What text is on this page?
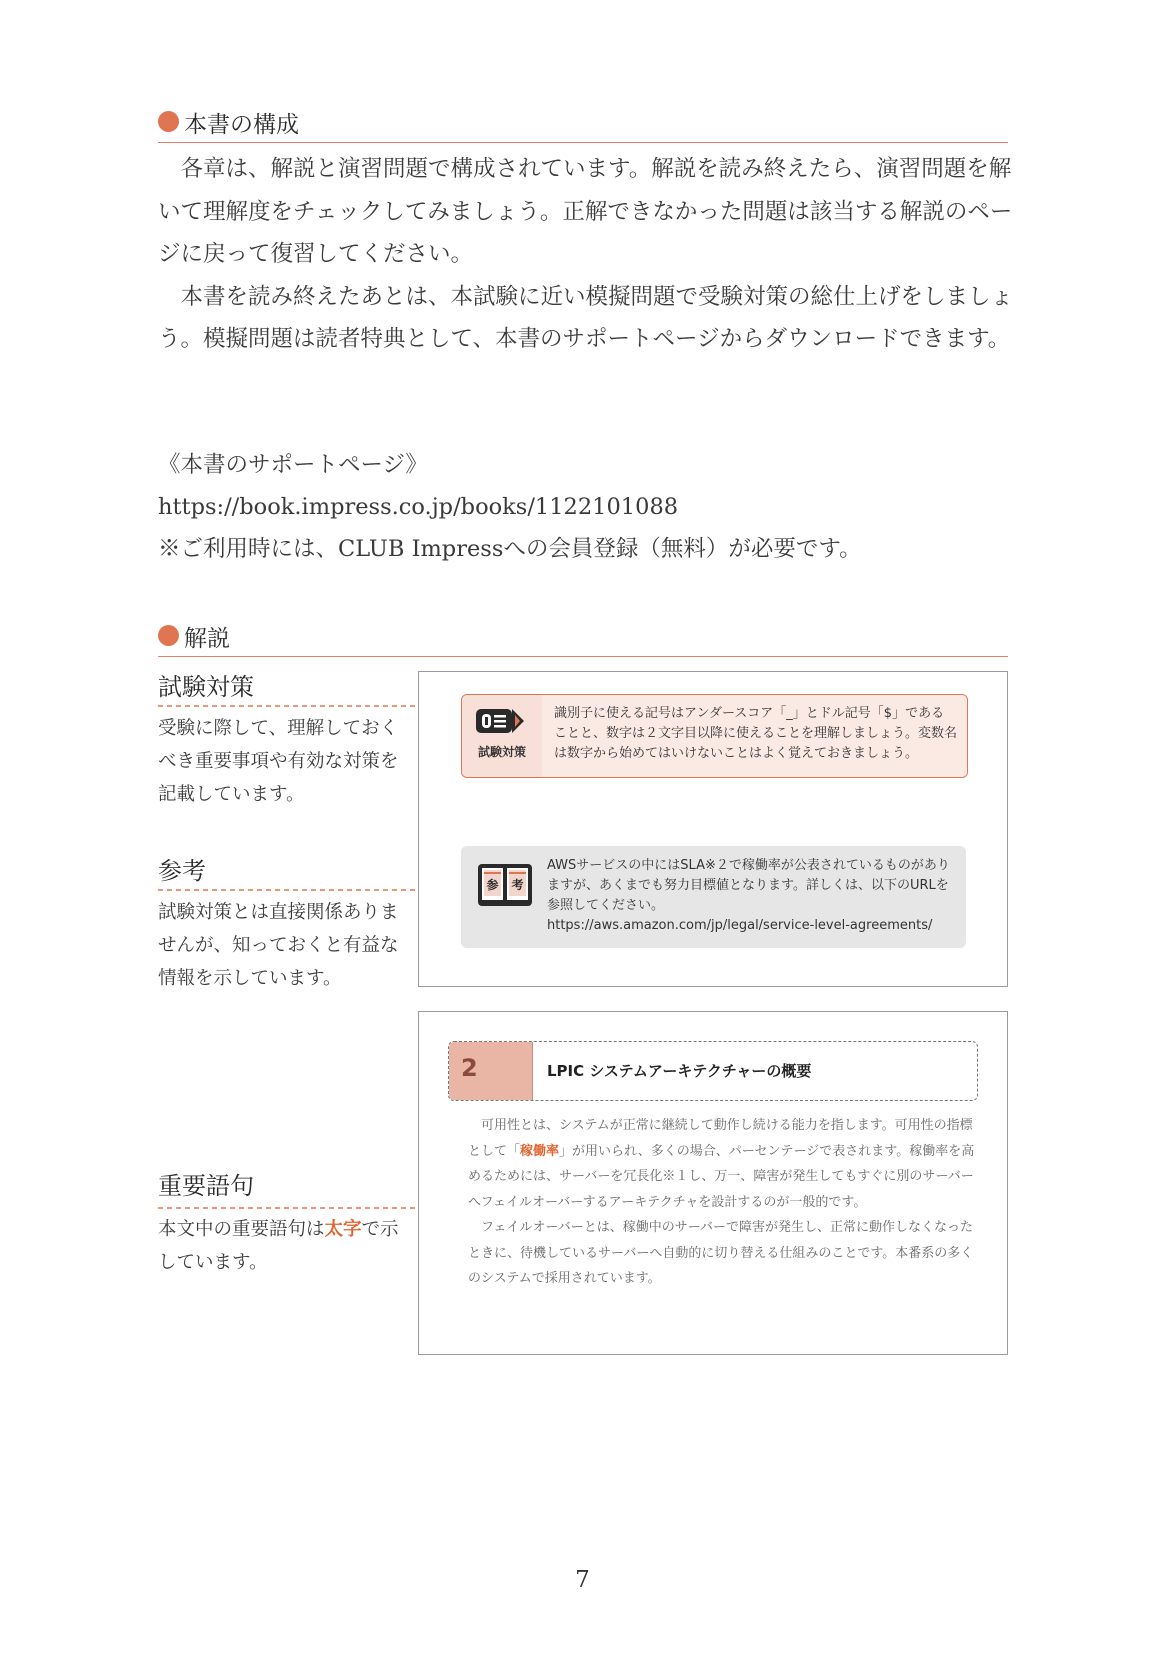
本書の構成

各章は、解説と演習問題で構成されています。解説を読み終えたら、演習問題を解いて理解度をチェックしてみましょう。正解できなかった問題は該当する解説のページに戻って復習してください。

本書を読み終えたあとは、本試験に近い模擬問題で受験対策の総仕上げをしましょう。模擬問題は読者特典として、本書のサポートページからダウンロードできます。

《本書のサポートページ》
https://book.impress.co.jp/books/1122101088
※ご利用時には、CLUB Impressへの会員登録（無料）が必要です。
解説
試験対策
受験に際して、理解しておくべき重要事項や有効な対策を記載しています。
参考
試験対策とは直接関係ありませんが、知っておくと有益な情報を示しています。
重要語句
本文中の重要語句は太字で示しています。
試験対策
識別子に使える記号はアンダースコア「_」とドル記号「$」であることと、数字は２文字目以降に使えることを理解しましょう。変数名は数字から始めてはいけないことはよく覚えておきましょう。
参 考
AWSサービスの中にはSLA※２で稼働率が公表されているものがありますが、あくまでも努力目標値となります。詳しくは、以下のURLを参照してください。
https://aws.amazon.com/jp/legal/service-level-agreements/
2	LPIC システムアーキテクチャーの概要

可用性とは、システムが正常に継続して動作し続ける能力を指します。可用性の指標として「稼働率」が用いられ、多くの場合、パーセンテージで表されます。稼働率を高めるためには、サーバーを冗長化※１し、万一、障害が発生してもすぐに別のサーバーへフェイルオーバーするアーキテクチャを設計するのが一般的です。

フェイルオーバーとは、稼働中のサーバーで障害が発生し、正常に動作しなくなったときに、待機しているサーバーへ自動的に切り替える仕組みのことです。本番系の多くのシステムで採用されています。

7
